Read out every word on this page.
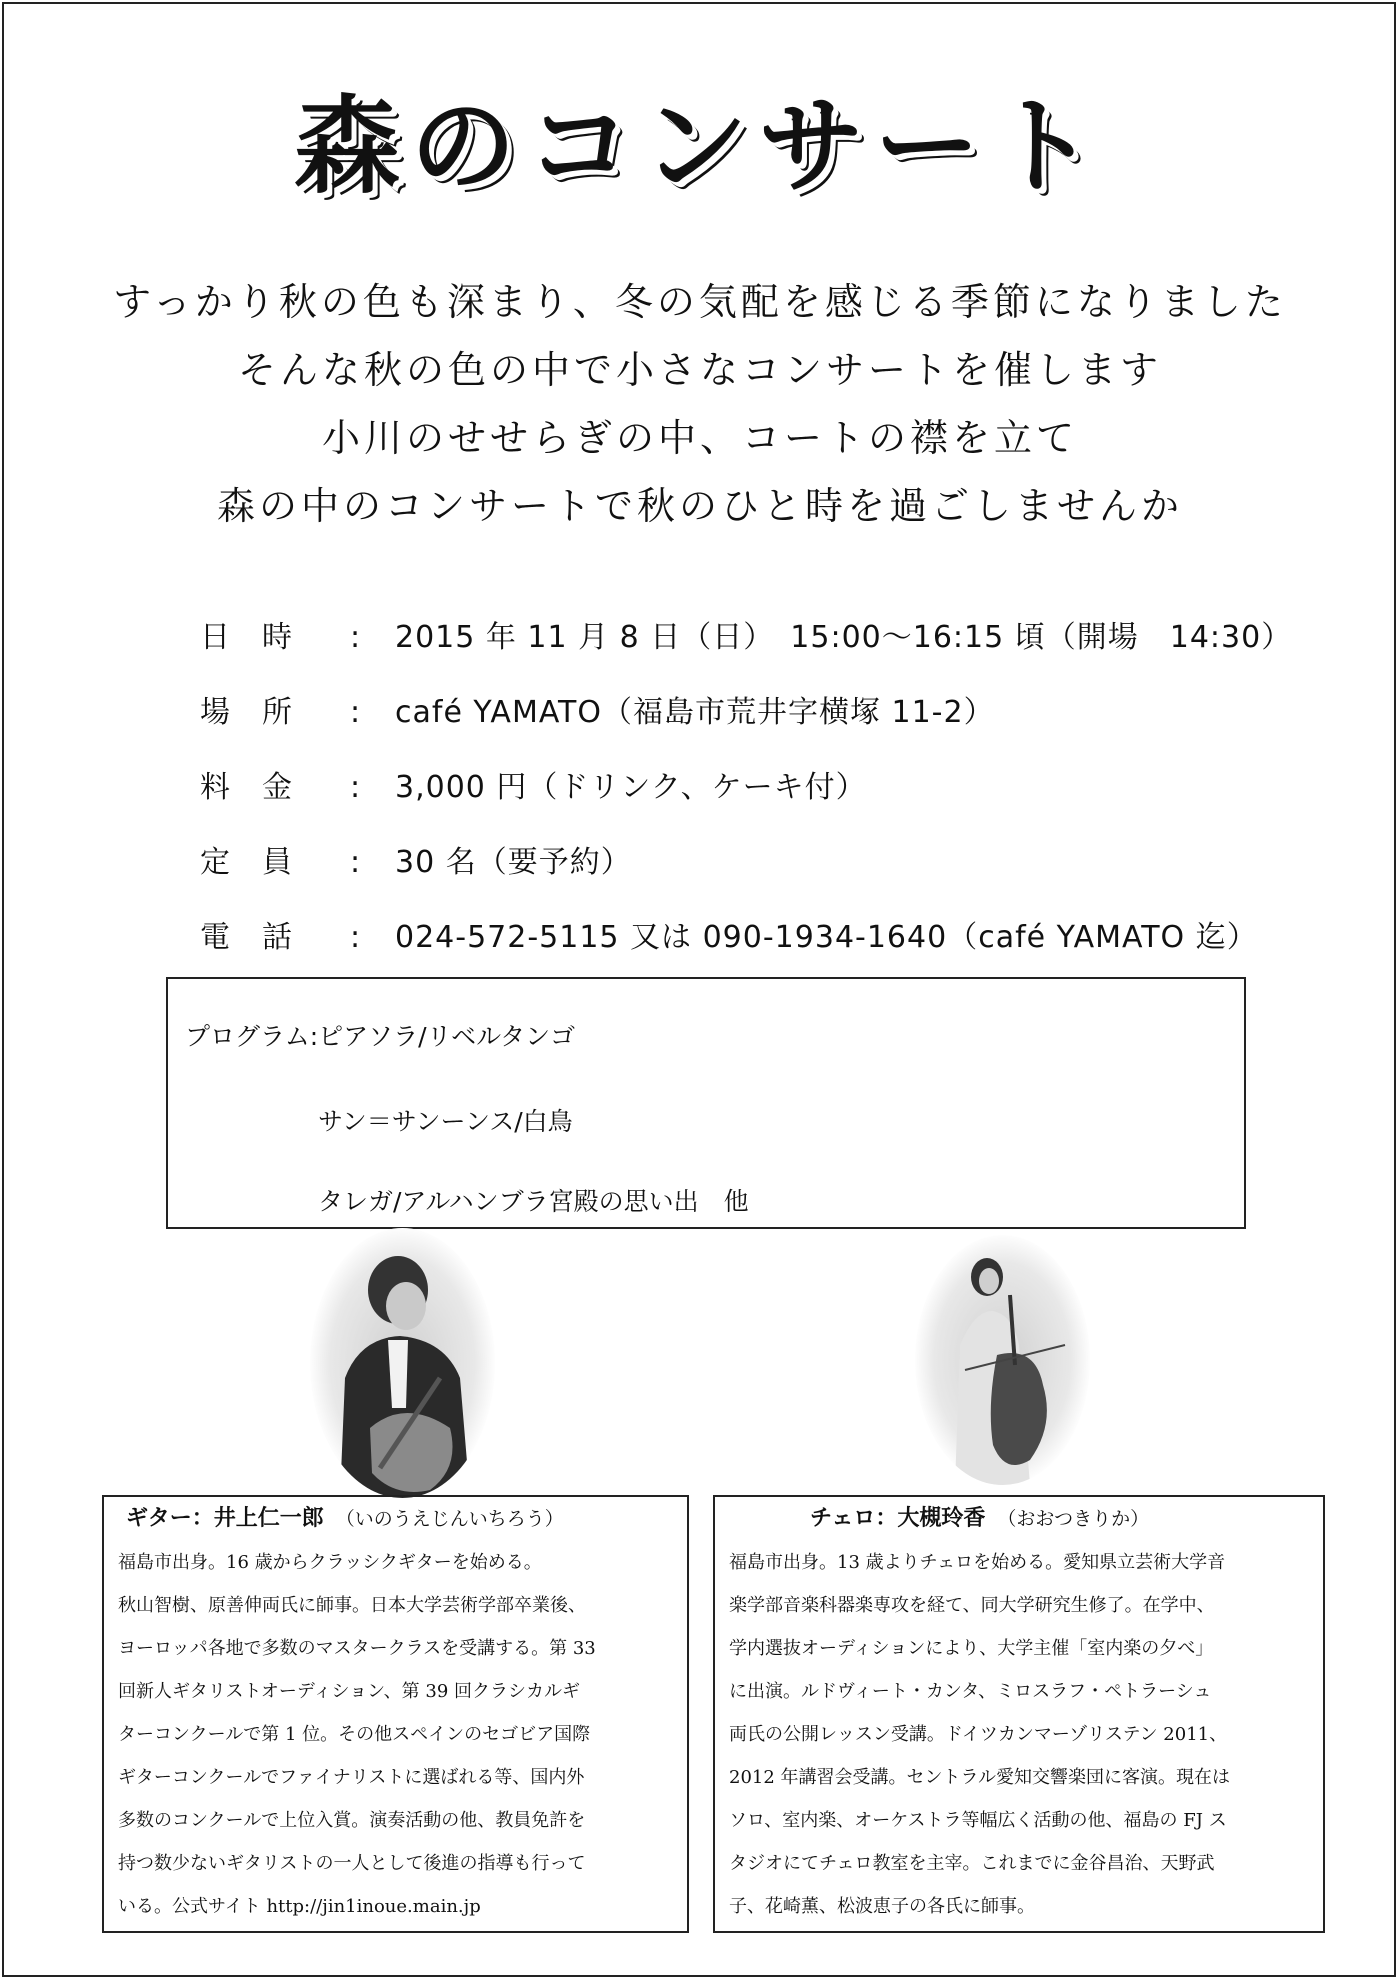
森のコンサート
すっかり秋の色も深まり、冬の気配を感じる季節になりました
そんな秋の色の中で小さなコンサートを催します
小川のせせらぎの中、コートの襟を立て
森の中のコンサートで秋のひと時を過ごしませんか
日時 :	2015 年 11 月 8 日（日）　15:00～16:15 頃（開場　14:30）
場所 :	café YAMATO（福島市荒井字横塚 11-2）
料金 :	3,000 円（ドリンク、ケーキ付）
定員 :	30 名（要予約）
電話 :	024-572-5115 又は 090-1934-1640（café YAMATO 迄）
プログラム:ピアソラ/リベルタンゴ
サン＝サンーンス/白鳥
タレガ/アルハンブラ宮殿の思い出　他
ギター：井上仁一郎 （いのうえじんいちろう）
福島市出身。16 歳からクラッシクギターを始める。
秋山智樹、原善伸両氏に師事。日本大学芸術学部卒業後、
ヨーロッパ各地で多数のマスタークラスを受講する。第 33
回新人ギタリストオーディション、第 39 回クラシカルギ
ターコンクールで第 1 位。その他スペインのセゴビア国際
ギターコンクールでファイナリストに選ばれる等、国内外
多数のコンクールで上位入賞。演奏活動の他、教員免許を
持つ数少ないギタリストの一人として後進の指導も行って
いる。公式サイト http://jin1inoue.main.jp
チェロ：大槻玲香 （おおつきりか）
福島市出身。13 歳よりチェロを始める。愛知県立芸術大学音
楽学部音楽科器楽専攻を経て、同大学研究生修了。在学中、
学内選抜オーディションにより、大学主催「室内楽の夕べ」
に出演。ルドヴィート・カンタ、ミロスラフ・ペトラーシュ
両氏の公開レッスン受講。ドイツカンマーゾリステン 2011、
2012 年講習会受講。セントラル愛知交響楽団に客演。現在は
ソロ、室内楽、オーケストラ等幅広く活動の他、福島の FJ ス
タジオにてチェロ教室を主宰。これまでに金谷昌治、天野武
子、花崎薫、松波恵子の各氏に師事。
